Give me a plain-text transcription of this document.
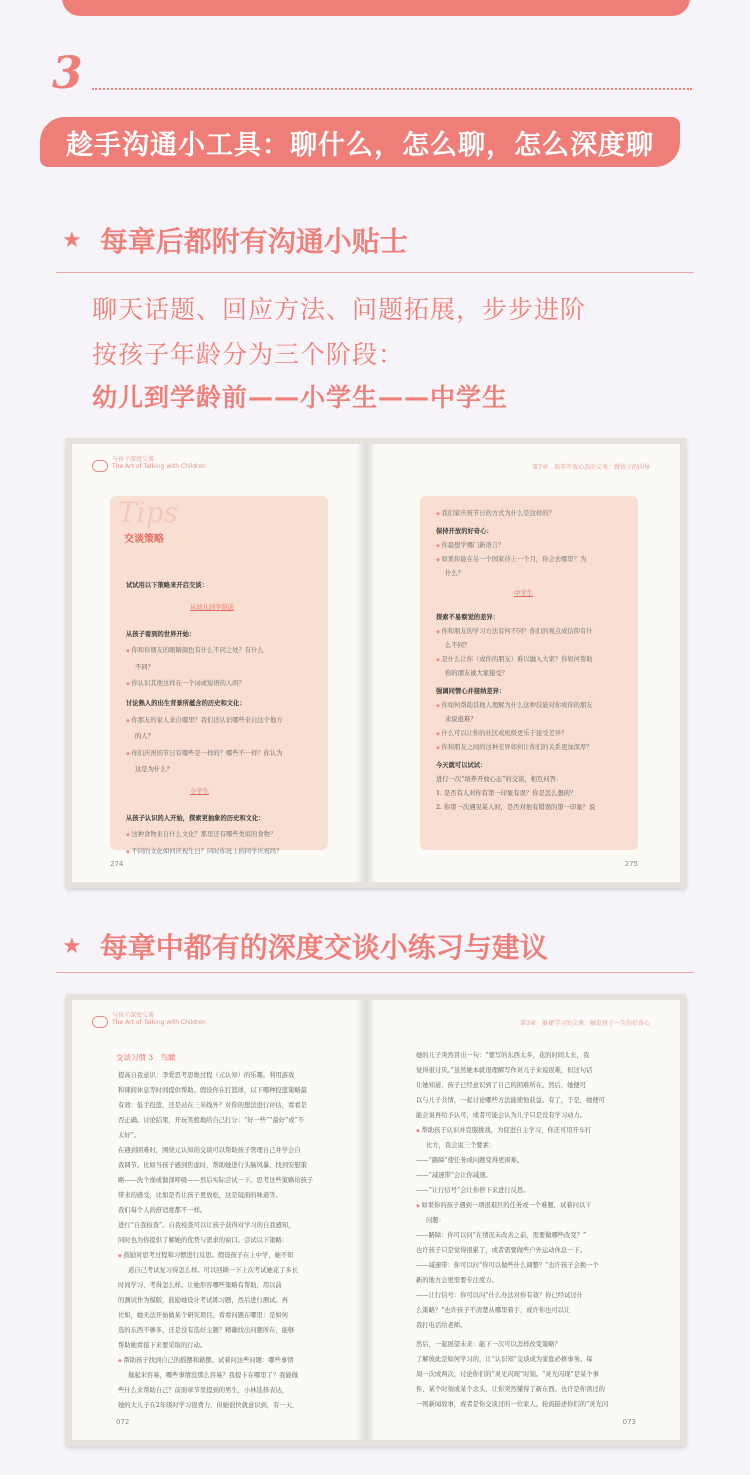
3
趁手沟通小工具：聊什么，怎么聊，怎么深度聊
★ 每章后都附有沟通小贴士
聊天话题、回应方法、问题拓展，步步进阶
按孩子年龄分为三个阶段：
幼儿到学龄前——小学生——中学生
与孩子深度交谈
The Art of Talking with Children
Tips
交谈策略
试试用以下策略来开启交谈：
从幼儿到学龄前
从孩子看到的世界开始：
◆ 你和你朋友的眼睛颜色有什么不同之处？有什么
不同？
◆ 你认识其他这样在一个词或短语的人吗？
讨论熟人的出生背景所蕴含的历史和文化：
◆ 你那友的家人来自哪里？我们还认识哪些来自这个地方
的人？
◆ 你们庆祝的节日有哪些是一样的？哪些不一样？你认为
这是为什么？
小学生
从孩子认识的人开始，探索更抽象的历史和文化：
◆ 这种食物来自什么文化？那里还有哪些类似的食物？
◆ 不同的文化如何庆祝生日？同时你班上的同学庆祝吗？
274
第7章　培养开放心态的交谈：做孩子的向导
◆ 我们家庆祝节日的方式为什么是这样的？
保持开放的好奇心：
◆ 你最想学哪门新语言？
◆ 如果你能在另一个国家待上一个月，你会去哪里？为
什么？
中学生
探索不易察觉的差异：
◆ 你和朋友的学习方法有何不同？你们的观点或信仰有什
么不同？
◆ 是什么让你（或你的朋友）难以融入大家？你如何帮助
你的朋友被大家接受？
强调同情心并接纳差异：
◆ 你如何帮助其他人理解为什么这种技能对你或你的朋友
来说很难？
◆ 什么可以让你的社区或班级更乐于接受差异？
◆ 你和朋友之间的这种差异如何让你们的关系更加深厚？
今天就可以试试：
进行一次“培养开放心态”的交谈，相互问答：
1. 是否有人对你有第一印象有误？你是怎么想的？
2. 你第一次遇见某人时，是否对他有错误的第一印象？说
275
★ 每章中都有的深度交谈小练习与建议
与孩子深度交谈
The Art of Talking with Children
交谈习惯 3　鸟瞰
提高自我意识：李爱思考思维过程（元认知）的乐趣。利用游戏
和课间休息等时间提供帮助。假设你在打篮球，以下哪种投篮策略最
有效：低手投篮、还是站在三米线外？对你的想法进行评估，看看是
否正确。讨论结果，开玩笑般地给自己打分：“好一些”“最好”或“不
太好”。
在遇到困难时，围绕元认知的交谈可以帮助孩子管理自己并学会自
我调节。比如当孩子感到焦虑时，帮助她进行头脑风暴，找到安慰策
略——洗个澡或做深呼吸——然后实际尝试一下。思考这些策略给孩子
带来的感受，比如是否让孩子更放松，这是镜面的味道等。
我们每个人的舒适度都不一样。
进行“自我检查”。自我检查可以让孩子获得对学习的自我感知，
同时也为你提供了解她的优势与需求的窗口。尝试以下策略：
◆ 鼓励对思考过程和习惯进行反思。假设孩子在上中学，她不知
道自己考试复习得怎么样。可以回顾一下上次考试她花了多长
时间学习，考得怎么样。让她形容哪些策略有帮助，用以前
的测试作为模版，鼓励她设计考试练习题，然后进行测试。再
比如，她无法开始做某个研究项目，看看问题在哪里：是如何
选的东西不够多，还是没有选好主题？精确找出问题所在，能够
帮助她看接下来要采取的行动。
◆ 帮助孩子找到自己的摇摆和藉摆。试着问这些问题：哪些事情
做起来容易，哪些事情没那么容易？我提卡在哪里了？我能做
些什么来帮助自己？前面章节里提到的男生，小林选择表达，
她的大儿子在2年级时学习很费力，但她很快就意识到，有一天，
072
第3章　敏捷学习的交谈：触发孩子一生的好奇心
她的儿子突然冒出一句：“要写的东西太多，花的时间太长，我
觉得很讨厌。”虽然她本就很理解写作对儿子来说很难，但这句话
让她知道，孩子已经意识到了自己的困难所在。然后，她便可
以与儿子共情，一起讨论哪些方法能使他获益。有了，于是，她便可
能会说再给予认可，或者可能会认为儿子只是没有学习动力。
◆ 帮助孩子认识并克服挑战，为促进自主学习，你还可用开车打
比方，我会说三个要素：
——“路障”使任务或问题变得更困难。
——“减速带”会让你减速。
——“让行信号”会让你停下来进行反思。
◆ 如果你的孩子遇到一项很艰巨的任务或一个难题，试着问以下
问题：
——路障：你可以问“在情况未改善之前，需要做哪些改变？”
也许孩子只是觉得很累了，或者需要做些户外运动休息一下。
——减速带：你可以问“你可以做些什么调整？”也许孩子会换一个
新的地方会更需要专注度力。
——让行信号：你可以问“什么办法对你有效？你已经试过什
么策略？”也许孩子不清楚从哪里着手，或许你也可以让
我打电话给老师。
然后，一起展望未来：能下一次可以怎样改变策略？
了解彼此是如何学习的，让“认识知”交谈成为家庭必修事务。每
周一次或两次，讨论你们的“灵光闪现”时刻。“灵光闪现”是某个事
件、某个时刻或某个念头，让你突然懂得了新东西。也许是你读过的
一则新闻故事，或者是你交谈过的一位家人。轮流描述你们的“灵光闪
073
